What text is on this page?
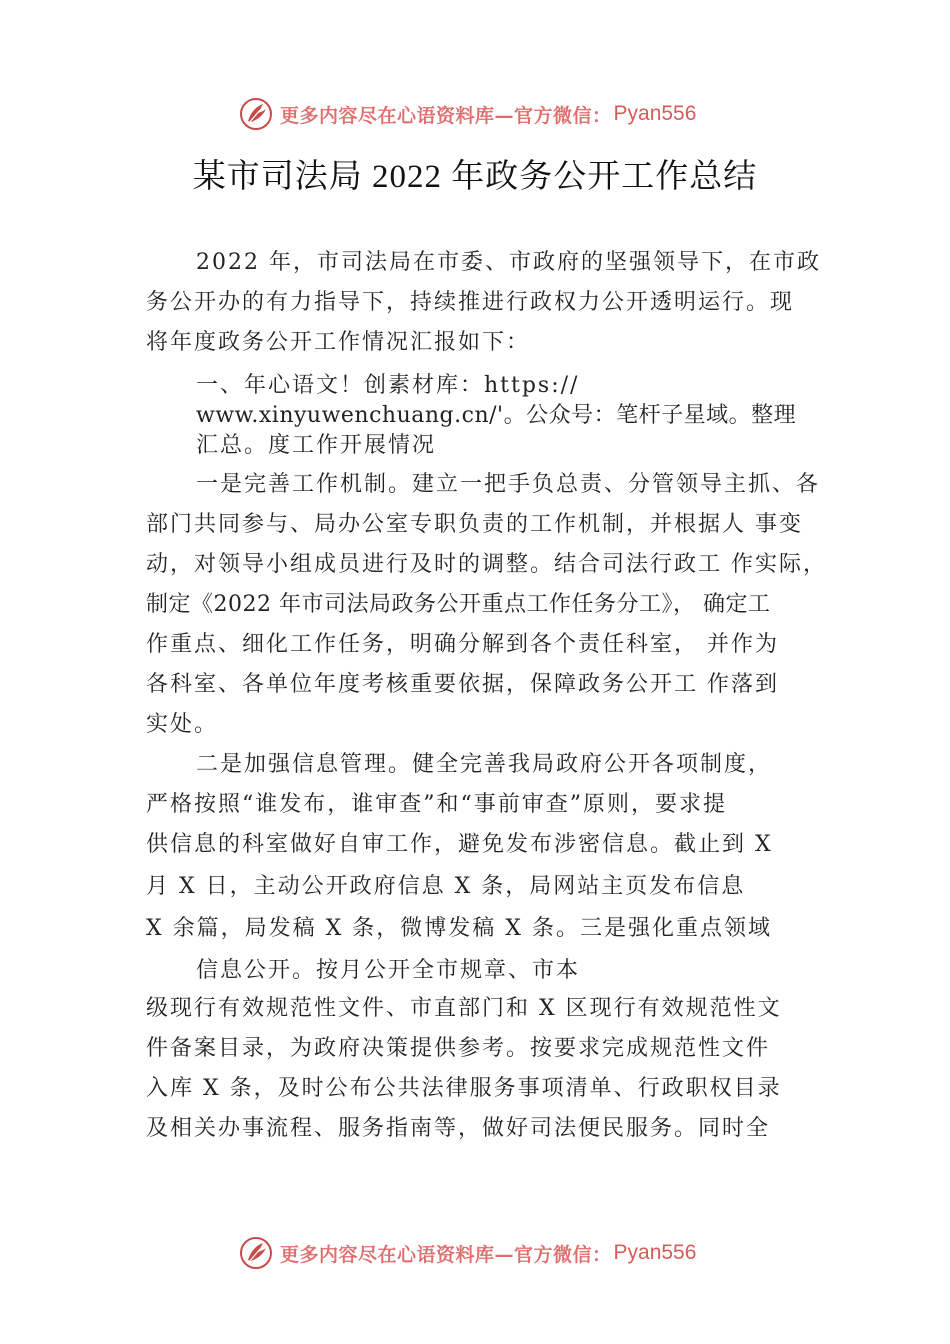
更多内容尽在心语资料库—官方微信： Pyan556
某市司法局 2022 年政务公开工作总结
2022 年，市司法局在市委、市政府的坚强领导下，在市政
务公开办的有力指导下，持续推进行政权力公开透明运行。现
将年度政务公开工作情况汇报如下：
一、年心语文！创素材库：https://
www.xinyuwenchuang.cn/'。公众号：笔杆子星域。整理
汇总。度工作开展情况
一是完善工作机制。建立一把手负总责、分管领导主抓、各
部门共同参与、局办公室专职负责的工作机制，并根据人 事变
动，对领导小组成员进行及时的调整。结合司法行政工 作实际，
制定《2022 年市司法局政务公开重点工作任务分工》， 确定工
作重点、细化工作任务，明确分解到各个责任科室， 并作为
各科室、各单位年度考核重要依据，保障政务公开工 作落到
实处。
二是加强信息管理。健全完善我局政府公开各项制度，
严格按照“谁发布，谁审查”和“事前审查”原则，要求提
供信息的科室做好自审工作，避免发布涉密信息。截止到 X
月 X 日，主动公开政府信息 X 条，局网站主页发布信息
X 余篇，局发稿 X 条，微博发稿 X 条。三是强化重点领域
信息公开。按月公开全市规章、市本
级现行有效规范性文件、市直部门和 X 区现行有效规范性文
件备案目录，为政府决策提供参考。按要求完成规范性文件
入库 X 条，及时公布公共法律服务事项清单、行政职权目录
及相关办事流程、服务指南等，做好司法便民服务。同时全
更多内容尽在心语资料库—官方微信： Pyan556
